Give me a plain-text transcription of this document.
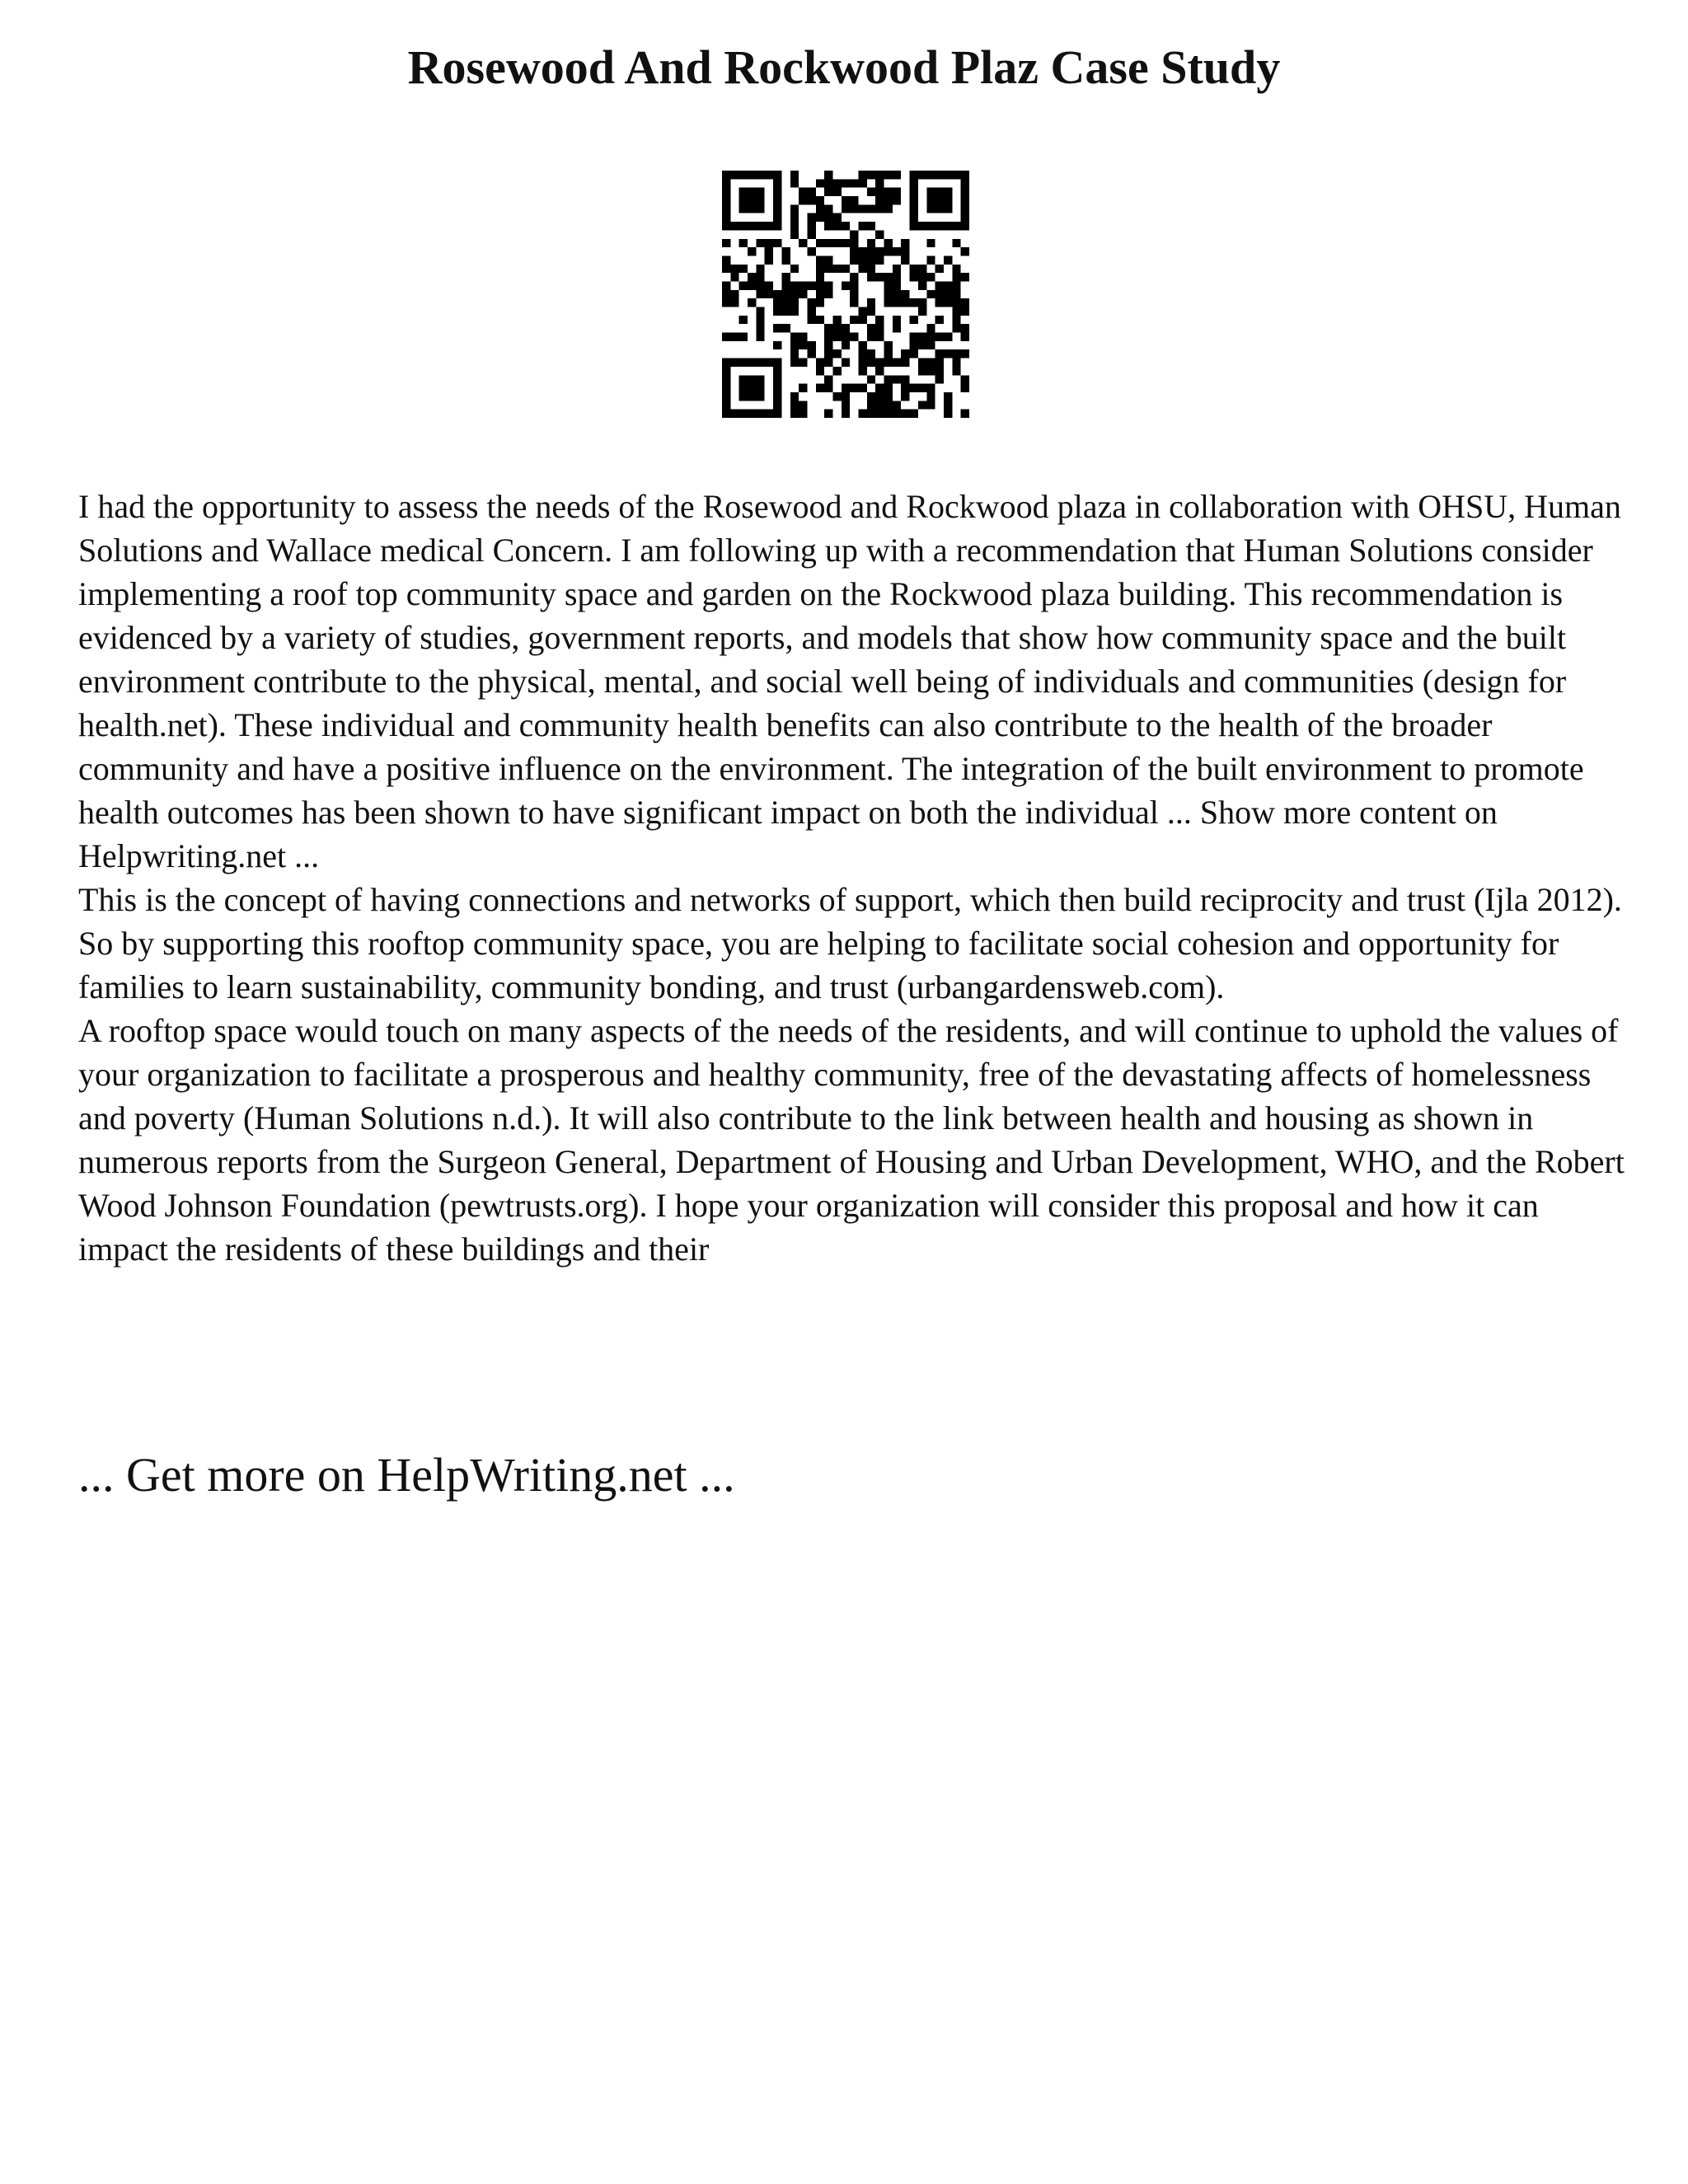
Rosewood And Rockwood Plaz Case Study

I had the opportunity to assess the needs of the Rosewood and Rockwood plaza in collaboration with OHSU, Human Solutions and Wallace medical Concern. I am following up with a recommendation that Human Solutions consider implementing a roof top community space and garden on the Rockwood plaza building. This recommendation is evidenced by a variety of studies, government reports, and models that show how community space and the built environment contribute to the physical, mental, and social well being of individuals and communities (design for health.net). These individual and community health benefits can also contribute to the health of the broader community and have a positive influence on the environment. The integration of the built environment to promote health outcomes has been shown to have significant impact on both the individual ... Show more content on Helpwriting.net ...

This is the concept of having connections and networks of support, which then build reciprocity and trust (Ijla 2012). So by supporting this rooftop community space, you are helping to facilitate social cohesion and opportunity for families to learn sustainability, community bonding, and trust (urbangardensweb.com).

A rooftop space would touch on many aspects of the needs of the residents, and will continue to uphold the values of your organization to facilitate a prosperous and healthy community, free of the devastating affects of homelessness and poverty (Human Solutions n.d.). It will also contribute to the link between health and housing as shown in numerous reports from the Surgeon General, Department of Housing and Urban Development, WHO, and the Robert Wood Johnson Foundation (pewtrusts.org). I hope your organization will consider this proposal and how it can impact the residents of these buildings and their

... Get more on HelpWriting.net ...
